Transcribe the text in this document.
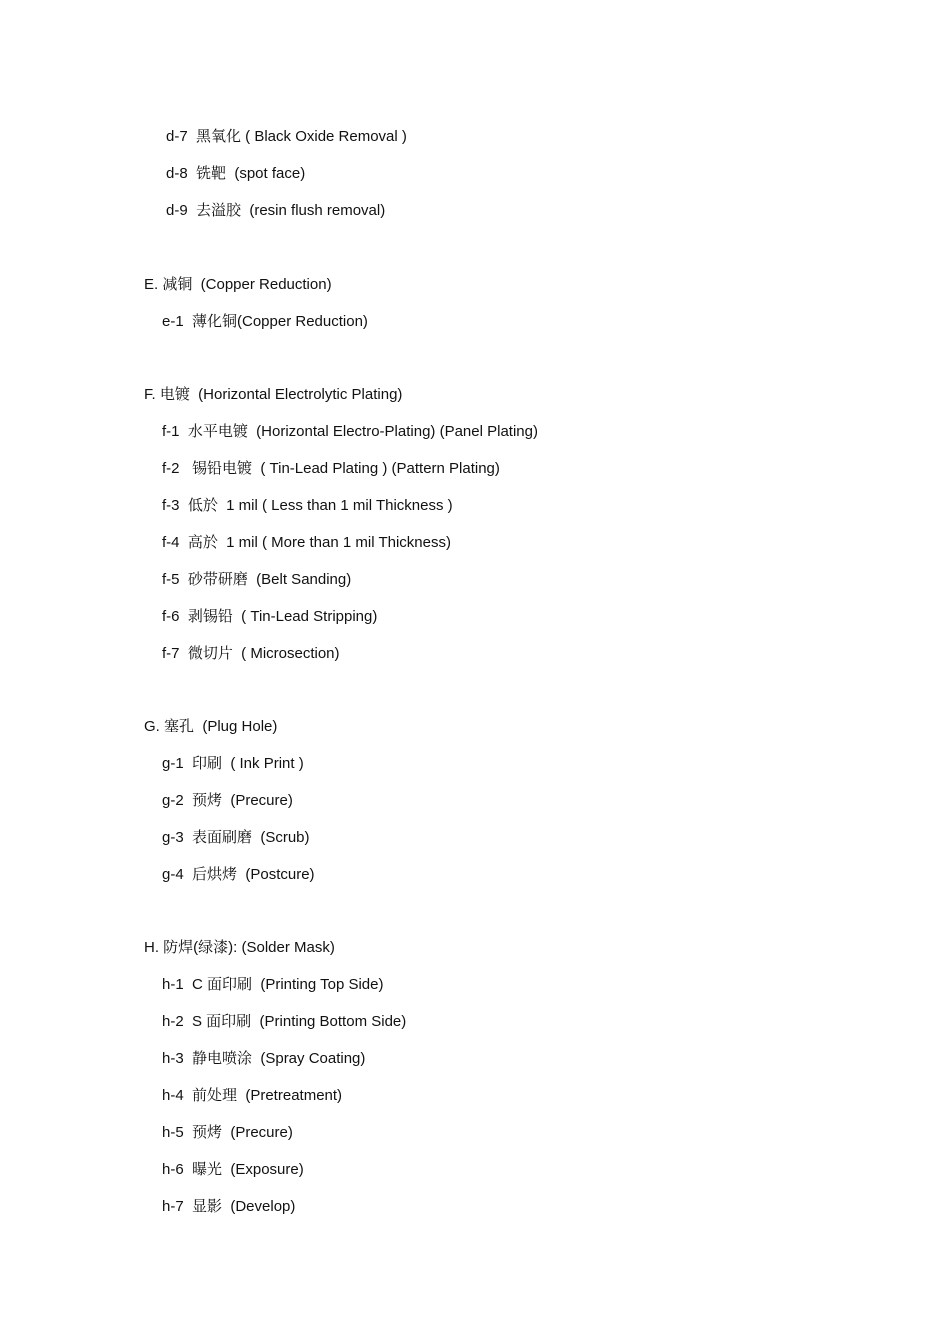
d-7  黑氧化 ( Black Oxide Removal )
d-8  铣靶  (spot face)
d-9  去溢胶  (resin flush removal)
E. 减铜  (Copper Reduction)
e-1  薄化铜(Copper Reduction)
F. 电镀  (Horizontal Electrolytic Plating)
f-1  水平电镀  (Horizontal Electro-Plating) (Panel Plating)
f-2   锡铅电镀  ( Tin-Lead Plating ) (Pattern Plating)
f-3  低於  1 mil ( Less than 1 mil Thickness )
f-4  高於  1 mil ( More than 1 mil Thickness)
f-5  砂带研磨  (Belt Sanding)
f-6  剥锡铅  ( Tin-Lead Stripping)
f-7  微切片  ( Microsection)
G. 塞孔  (Plug Hole)
g-1  印刷  ( Ink Print )
g-2  预烤  (Precure)
g-3  表面刷磨  (Scrub)
g-4  后烘烤  (Postcure)
H. 防焊(绿漆): (Solder Mask)
h-1  C 面印刷  (Printing Top Side)
h-2  S 面印刷  (Printing Bottom Side)
h-3  静电喷涂  (Spray Coating)
h-4  前处理  (Pretreatment)
h-5  预烤  (Precure)
h-6  曝光  (Exposure)
h-7  显影  (Develop)
